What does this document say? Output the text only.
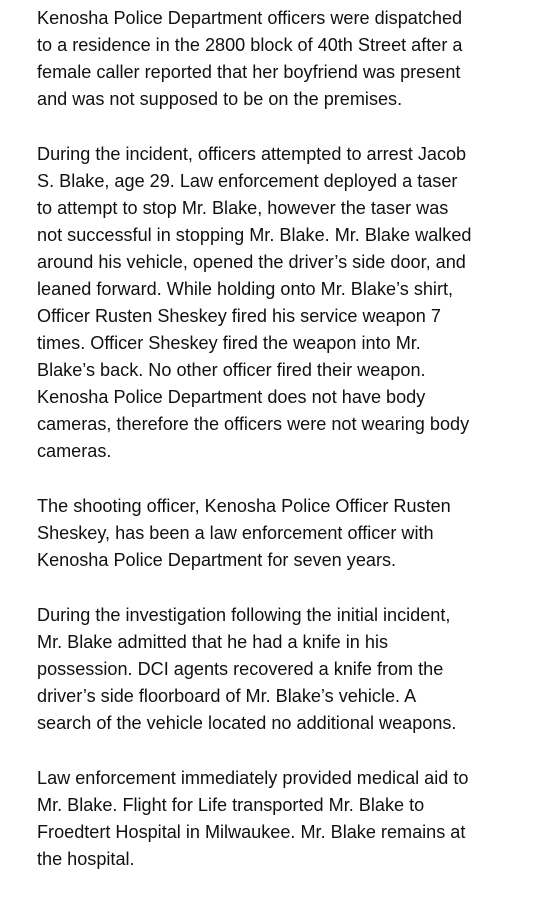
Kenosha Police Department officers were dispatched
to a residence in the 2800 block of 40th Street after a
female caller reported that her boyfriend was present
and was not supposed to be on the premises.

During the incident, officers attempted to arrest Jacob
S. Blake, age 29. Law enforcement deployed a taser
to attempt to stop Mr. Blake, however the taser was
not successful in stopping Mr. Blake. Mr. Blake walked
around his vehicle, opened the driver’s side door, and
leaned forward. While holding onto Mr. Blake’s shirt,
Officer Rusten Sheskey fired his service weapon 7
times. Officer Sheskey fired the weapon into Mr.
Blake’s back. No other officer fired their weapon.
Kenosha Police Department does not have body
cameras, therefore the officers were not wearing body
cameras.

The shooting officer, Kenosha Police Officer Rusten
Sheskey, has been a law enforcement officer with
Kenosha Police Department for seven years.

During the investigation following the initial incident,
Mr. Blake admitted that he had a knife in his
possession. DCI agents recovered a knife from the
driver’s side floorboard of Mr. Blake’s vehicle. A
search of the vehicle located no additional weapons.

Law enforcement immediately provided medical aid to
Mr. Blake. Flight for Life transported Mr. Blake to
Froedtert Hospital in Milwaukee. Mr. Blake remains at
the hospital.
